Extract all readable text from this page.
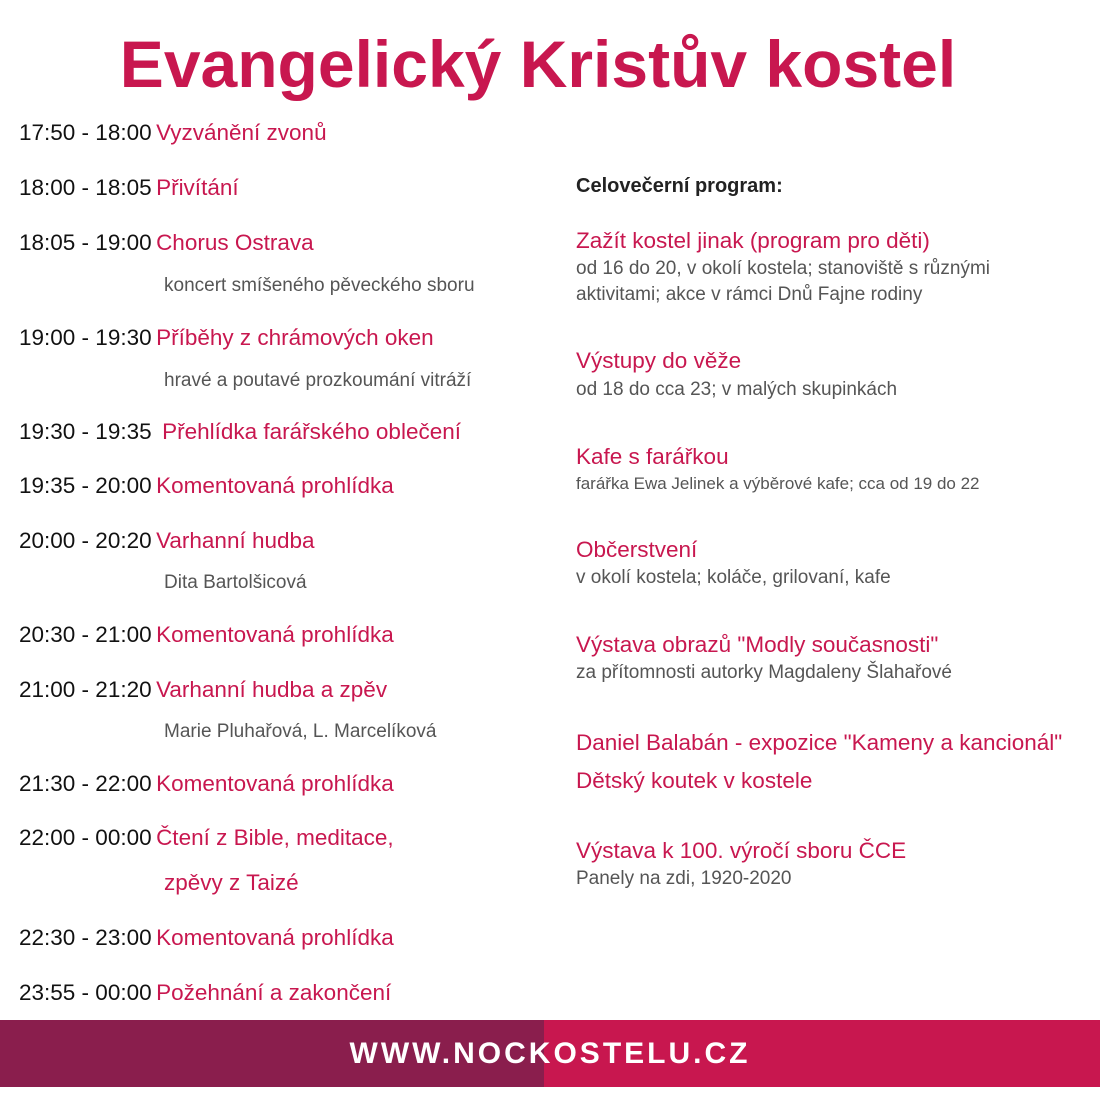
Evangelický Kristův kostel
17:50 - 18:00 Vyzvánění zvonů
18:00 - 18:05 Přivítání
18:05 - 19:00 Chorus Ostrava
koncert smíšeného pěveckého sboru
19:00 - 19:30 Příběhy z chrámových oken
hravé a poutavé prozkoumání vitráží
19:30 - 19:35 Přehlídka farářského oblečení
19:35 - 20:00 Komentovaná prohlídka
20:00 - 20:20 Varhanní hudba
Dita Bartolšicová
20:30 - 21:00 Komentovaná prohlídka
21:00 - 21:20 Varhanní hudba a zpěv
Marie Pluhařová, L. Marcelíková
21:30 - 22:00 Komentovaná prohlídka
22:00 - 00:00 Čtení z Bible, meditace,
zpěvy z Taizé
22:30 - 23:00 Komentovaná prohlídka
23:55 - 00:00 Požehnání a zakončení
Celovečerní program:
Zažít kostel jinak (program pro děti)
od 16 do 20, v okolí kostela; stanoviště s různými
aktivitami; akce v rámci Dnů Fajne rodiny
Výstupy do věže
od 18 do cca 23; v malých skupinkách
Kafe s farářkou
farářka Ewa Jelinek a výběrové kafe; cca od 19 do 22
Občerstvení
v okolí kostela; koláče, grilovaní, kafe
Výstava obrazů "Modly současnosti"
za přítomnosti autorky Magdaleny Šlahařové
Daniel Balabán - expozice "Kameny a kancionál"
Dětský koutek v kostele
Výstava k 100. výročí sboru ČCE
Panely na zdi, 1920-2020
WWW.NOCKOSTELU.CZ
